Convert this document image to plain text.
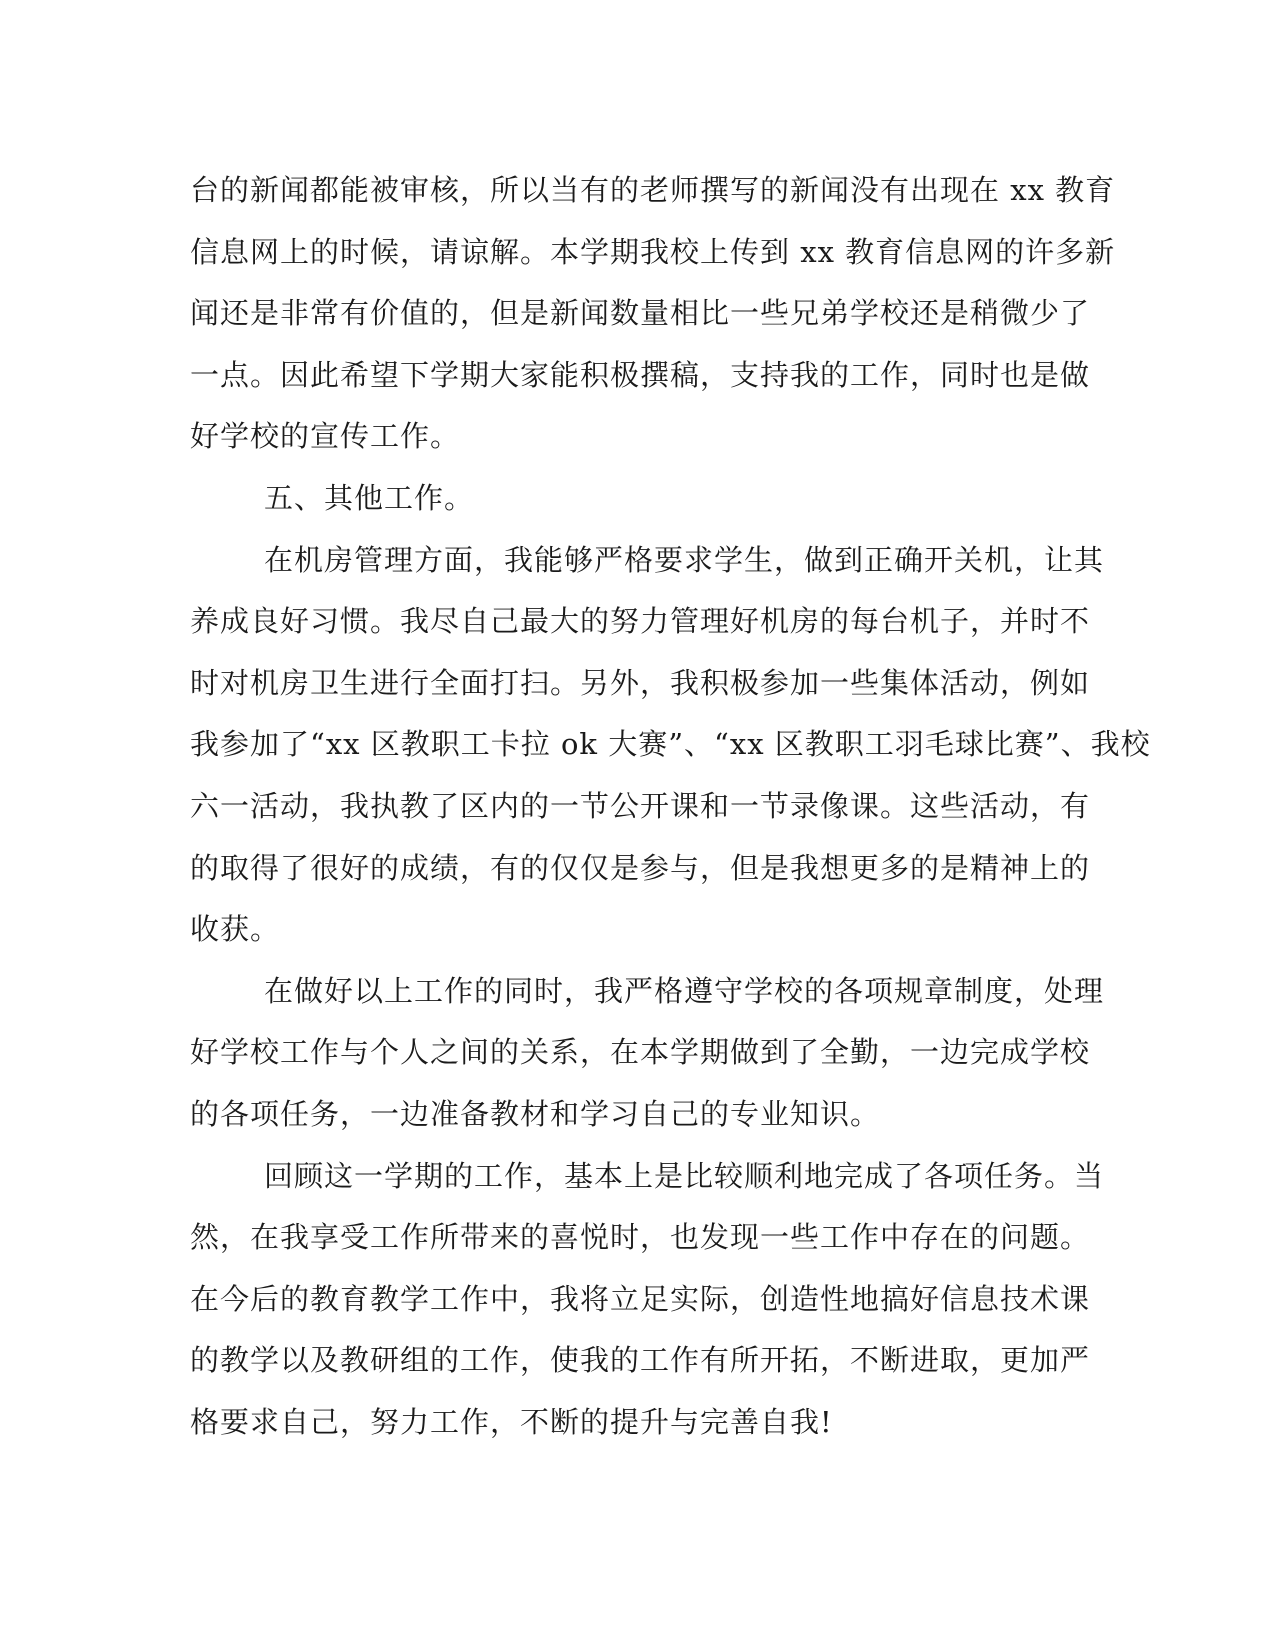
台的新闻都能被审核，所以当有的老师撰写的新闻没有出现在 xx 教育
信息网上的时候，请谅解。本学期我校上传到 xx 教育信息网的许多新
闻还是非常有价值的，但是新闻数量相比一些兄弟学校还是稍微少了
一点。因此希望下学期大家能积极撰稿，支持我的工作，同时也是做
好学校的宣传工作。
五、其他工作。
在机房管理方面，我能够严格要求学生，做到正确开关机，让其
养成良好习惯。我尽自己最大的努力管理好机房的每台机子，并时不
时对机房卫生进行全面打扫。另外，我积极参加一些集体活动，例如
我参加了“xx 区教职工卡拉 ok 大赛”、“xx 区教职工羽毛球比赛”、我校
六一活动，我执教了区内的一节公开课和一节录像课。这些活动，有
的取得了很好的成绩，有的仅仅是参与，但是我想更多的是精神上的
收获。
在做好以上工作的同时，我严格遵守学校的各项规章制度，处理
好学校工作与个人之间的关系，在本学期做到了全勤，一边完成学校
的各项任务，一边准备教材和学习自己的专业知识。
回顾这一学期的工作，基本上是比较顺利地完成了各项任务。当
然，在我享受工作所带来的喜悦时，也发现一些工作中存在的问题。
在今后的教育教学工作中，我将立足实际，创造性地搞好信息技术课
的教学以及教研组的工作，使我的工作有所开拓，不断进取，更加严
格要求自己，努力工作，不断的提升与完善自我!
